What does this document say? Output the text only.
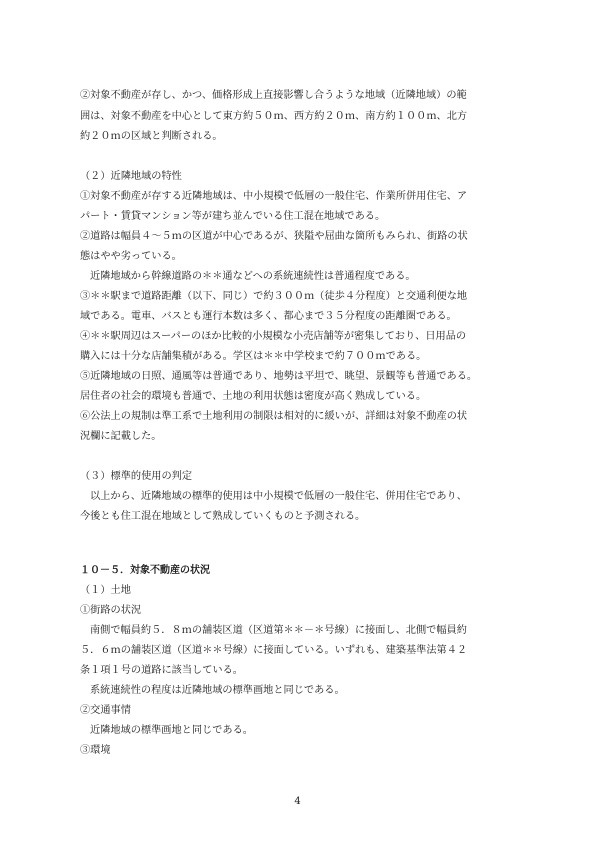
②対象不動産が存し、かつ、価格形成上直接影響し合うような地域（近隣地域）の範
囲は、対象不動産を中心として東方約５０ｍ、西方約２０ｍ、南方約１００ｍ、北方
約２０ｍの区域と判断される。
（２）近隣地域の特性
①対象不動産が存する近隣地域は、中小規模で低層の一般住宅、作業所併用住宅、ア
パート・賃貸マンション等が建ち並んでいる住工混在地域である。
②道路は幅員４～５ｍの区道が中心であるが、狭隘や屈曲な箇所もみられ、街路の状
態はやや劣っている。
近隣地域から幹線道路の＊＊通などへの系統連続性は普通程度である。
③＊＊駅まで道路距離（以下、同じ）で約３００ｍ（徒歩４分程度）と交通利便な地
域である。電車、バスとも運行本数は多く、都心まで３５分程度の距離圏である。
④＊＊駅周辺はスーパーのほか比較的小規模な小売店舗等が密集しており、日用品の
購入には十分な店舗集積がある。学区は＊＊中学校まで約７００ｍである。
⑤近隣地域の日照、通風等は普通であり、地勢は平坦で、眺望、景観等も普通である。
居住者の社会的環境も普通で、土地の利用状態は密度が高く熟成している。
⑥公法上の規制は準工系で土地利用の制限は相対的に緩いが、詳細は対象不動産の状
況欄に記載した。
（３）標準的使用の判定
以上から、近隣地域の標準的使用は中小規模で低層の一般住宅、併用住宅であり、
今後とも住工混在地域として熟成していくものと予測される。
１０－５．対象不動産の状況
（１）土地
①街路の状況
南側で幅員約５．８ｍの舗装区道（区道第＊＊－＊号線）に接面し、北側で幅員約
５．６ｍの舗装区道（区道＊＊号線）に接面している。いずれも、建築基準法第４２
条１項１号の道路に該当している。
系統連続性の程度は近隣地域の標準画地と同じである。
②交通事情
近隣地域の標準画地と同じである。
③環境
4
